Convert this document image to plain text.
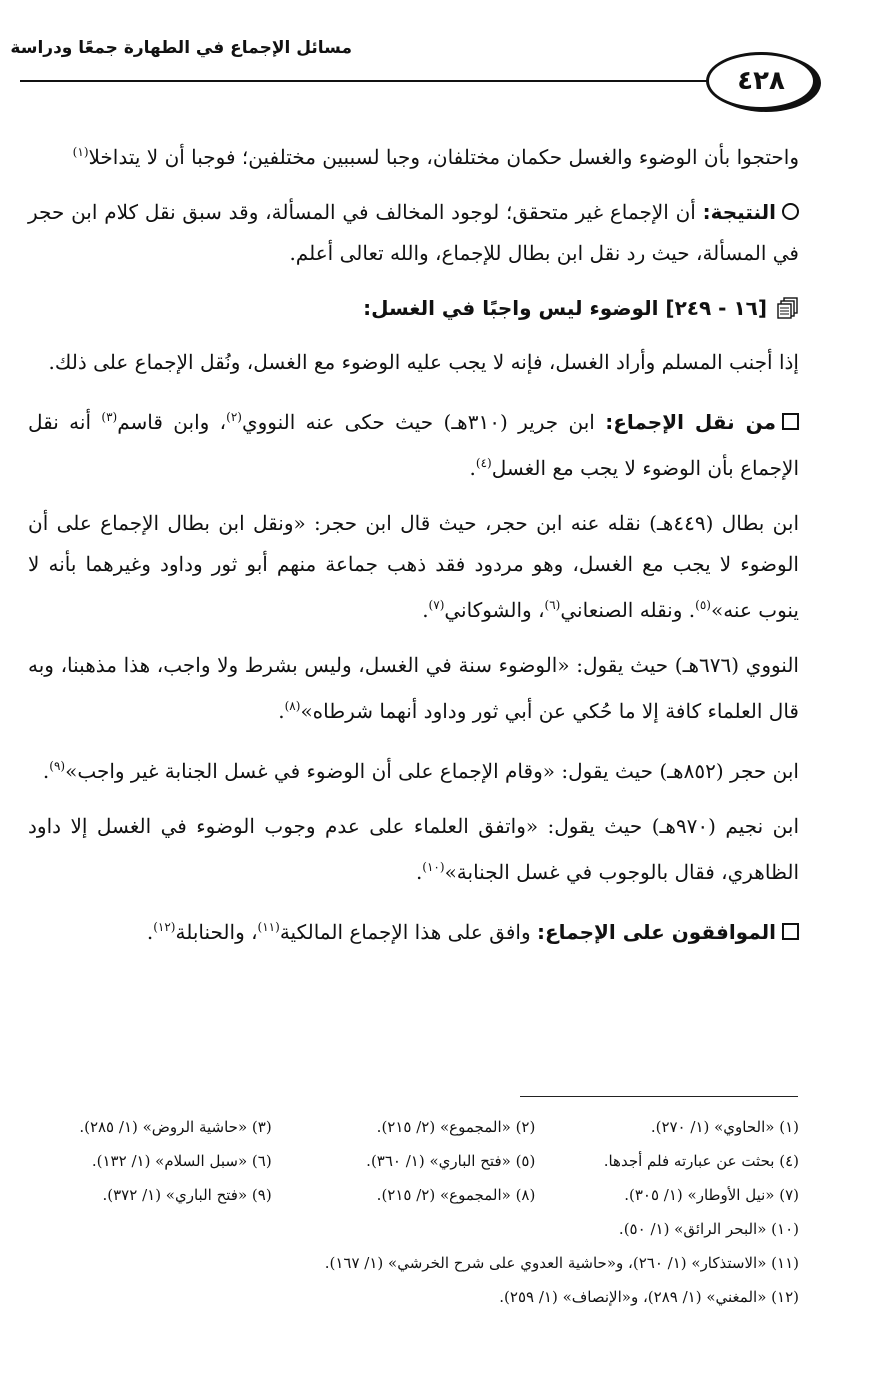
مسائل الإجماع في الطهارة جمعًا ودراسة
٤٢٨

واحتجوا بأن الوضوء والغسل حكمان مختلفان، وجبا لسببين مختلفين؛ فوجبا أن لا يتداخلا$^{(١)}$

النتيجة: أن الإجماع غير متحقق؛ لوجود المخالف في المسألة، وقد سبق نقل كلام ابن حجر في المسألة، حيث رد نقل ابن بطال للإجماع، والله تعالى أعلم.

[١٦ - ٢٤٩] الوضوء ليس واجبًا في الغسل:

إذا أجنب المسلم وأراد الغسل، فإنه لا يجب عليه الوضوء مع الغسل، ونُقل الإجماع على ذلك.

من نقل الإجماع: ابن جرير (٣١٠هـ) حيث حكى عنه النووي$^{(٢)}$، وابن قاسم$^{(٣)}$ أنه نقل الإجماع بأن الوضوء لا يجب مع الغسل$^{(٤)}$.

ابن بطال (٤٤٩هـ) نقله عنه ابن حجر، حيث قال ابن حجر: «ونقل ابن بطال الإجماع على أن الوضوء لا يجب مع الغسل، وهو مردود فقد ذهب جماعة منهم أبو ثور وداود وغيرهما بأنه لا ينوب عنه»$^{(٥)}$. ونقله الصنعاني$^{(٦)}$، والشوكاني$^{(٧)}$.

النووي (٦٧٦هـ) حيث يقول: «الوضوء سنة في الغسل، وليس بشرط ولا واجب، هذا مذهبنا، وبه قال العلماء كافة إلا ما حُكي عن أبي ثور وداود أنهما شرطاه»$^{(٨)}$.

ابن حجر (٨٥٢هـ) حيث يقول: «وقام الإجماع على أن الوضوء في غسل الجنابة غير واجب»$^{(٩)}$.

ابن نجيم (٩٧٠هـ) حيث يقول: «واتفق العلماء على عدم وجوب الوضوء في الغسل إلا داود الظاهري، فقال بالوجوب في غسل الجنابة»$^{(١٠)}$.

الموافقون على الإجماع: وافق على هذا الإجماع المالكية$^{(١١)}$، والحنابلة$^{(١٢)}$.

(١) «الحاوي» (١/ ٢٧٠).
(٢) «المجموع» (٢/ ٢١٥).
(٣) «حاشية الروض» (١/ ٢٨٥).
(٤) بحثت عن عبارته فلم أجدها.
(٥) «فتح الباري» (١/ ٣٦٠).
(٦) «سبل السلام» (١/ ١٣٢).
(٧) «نيل الأوطار» (١/ ٣٠٥).
(٨) «المجموع» (٢/ ٢١٥).
(٩) «فتح الباري» (١/ ٣٧٢).
(١٠) «البحر الرائق» (١/ ٥٠).
(١١) «الاستذكار» (١/ ٢٦٠)، و«حاشية العدوي على شرح الخرشي» (١/ ١٦٧).
(١٢) «المغني» (١/ ٢٨٩)، و«الإنصاف» (١/ ٢٥٩).
